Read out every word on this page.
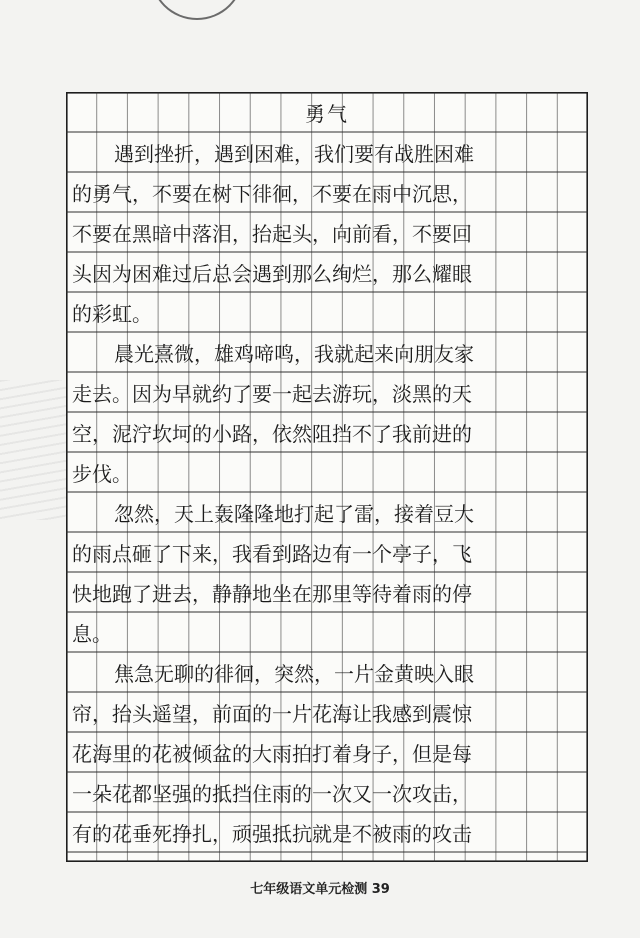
勇气
遇到挫折，遇到困难，我们要有战胜困难
的勇气，不要在树下徘徊，不要在雨中沉思，
不要在黑暗中落泪，抬起头，向前看，不要回
头因为困难过后总会遇到那么绚烂，那么耀眼
的彩虹。
晨光熹微，雄鸡啼鸣，我就起来向朋友家
走去。因为早就约了要一起去游玩，淡黑的天
空，泥泞坎坷的小路，依然阻挡不了我前进的
步伐。
忽然，天上轰隆隆地打起了雷，接着豆大
的雨点砸了下来，我看到路边有一个亭子，飞
快地跑了进去，静静地坐在那里等待着雨的停
息。
焦急无聊的徘徊，突然，一片金黄映入眼
帘，抬头遥望，前面的一片花海让我感到震惊
花海里的花被倾盆的大雨拍打着身子，但是每
一朵花都坚强的抵挡住雨的一次又一次攻击，
有的花垂死挣扎，顽强抵抗就是不被雨的攻击
七年级语文单元检测 39
